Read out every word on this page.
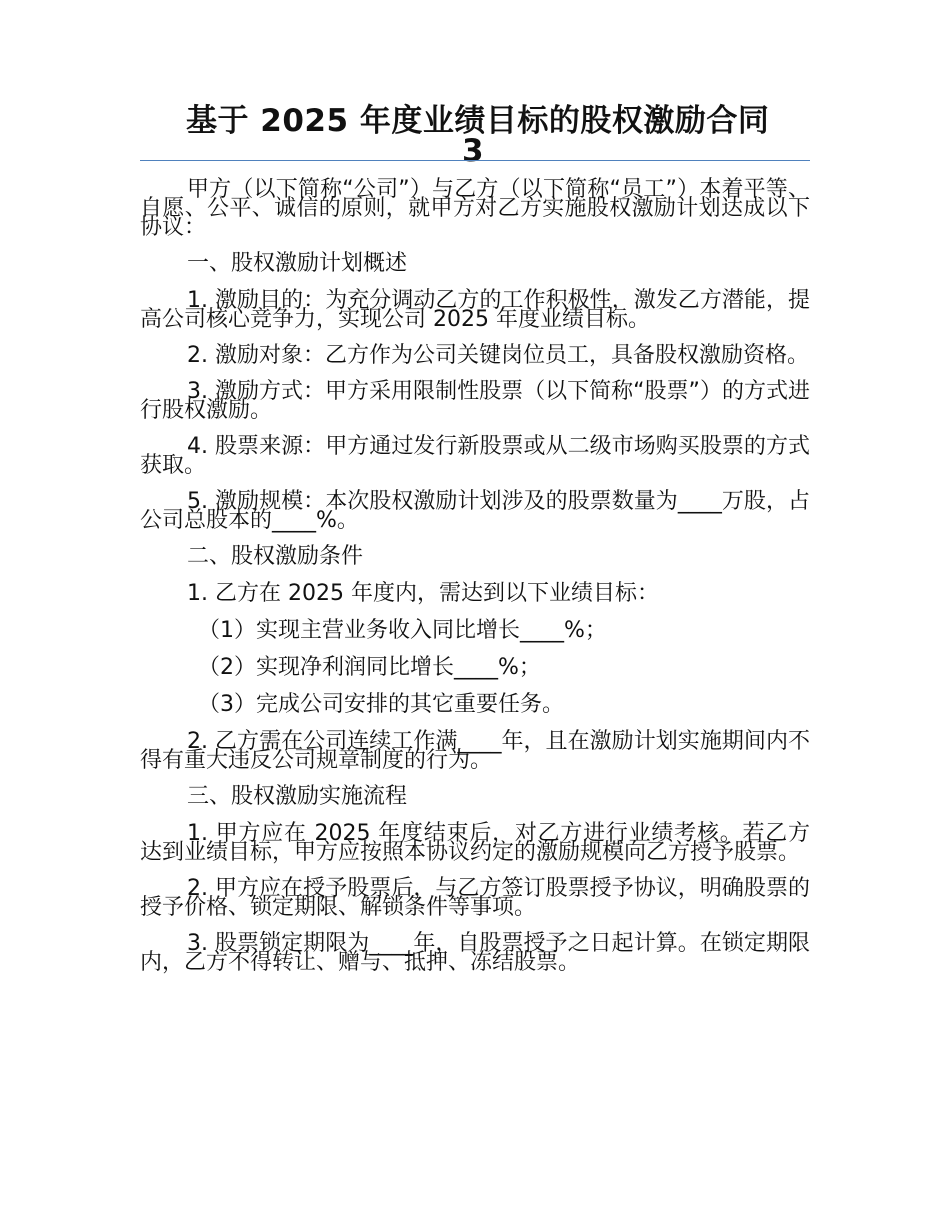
基于 2025 年度业绩目标的股权激励合同
3

甲方（以下简称“公司”）与乙方（以下简称“员工”）本着平等、自愿、公平、诚信的原则，就甲方对乙方实施股权激励计划达成以下协议：

一、股权激励计划概述

1. 激励目的：为充分调动乙方的工作积极性，激发乙方潜能，提高公司核心竞争力，实现公司 2025 年度业绩目标。

2. 激励对象：乙方作为公司关键岗位员工，具备股权激励资格。

3. 激励方式：甲方采用限制性股票（以下简称“股票”）的方式进行股权激励。

4. 股票来源：甲方通过发行新股票或从二级市场购买股票的方式获取。

5. 激励规模：本次股权激励计划涉及的股票数量为____万股，占公司总股本的____%。

二、股权激励条件

1. 乙方在 2025 年度内，需达到以下业绩目标：

（1）实现主营业务收入同比增长____%；

（2）实现净利润同比增长____%；

（3）完成公司安排的其它重要任务。

2. 乙方需在公司连续工作满____年，且在激励计划实施期间内不得有重大违反公司规章制度的行为。

三、股权激励实施流程

1. 甲方应在 2025 年度结束后，对乙方进行业绩考核。若乙方达到业绩目标，甲方应按照本协议约定的激励规模向乙方授予股票。

2. 甲方应在授予股票后，与乙方签订股票授予协议，明确股票的授予价格、锁定期限、解锁条件等事项。

3. 股票锁定期限为____年，自股票授予之日起计算。在锁定期限内，乙方不得转让、赠与、抵押、冻结股票。
